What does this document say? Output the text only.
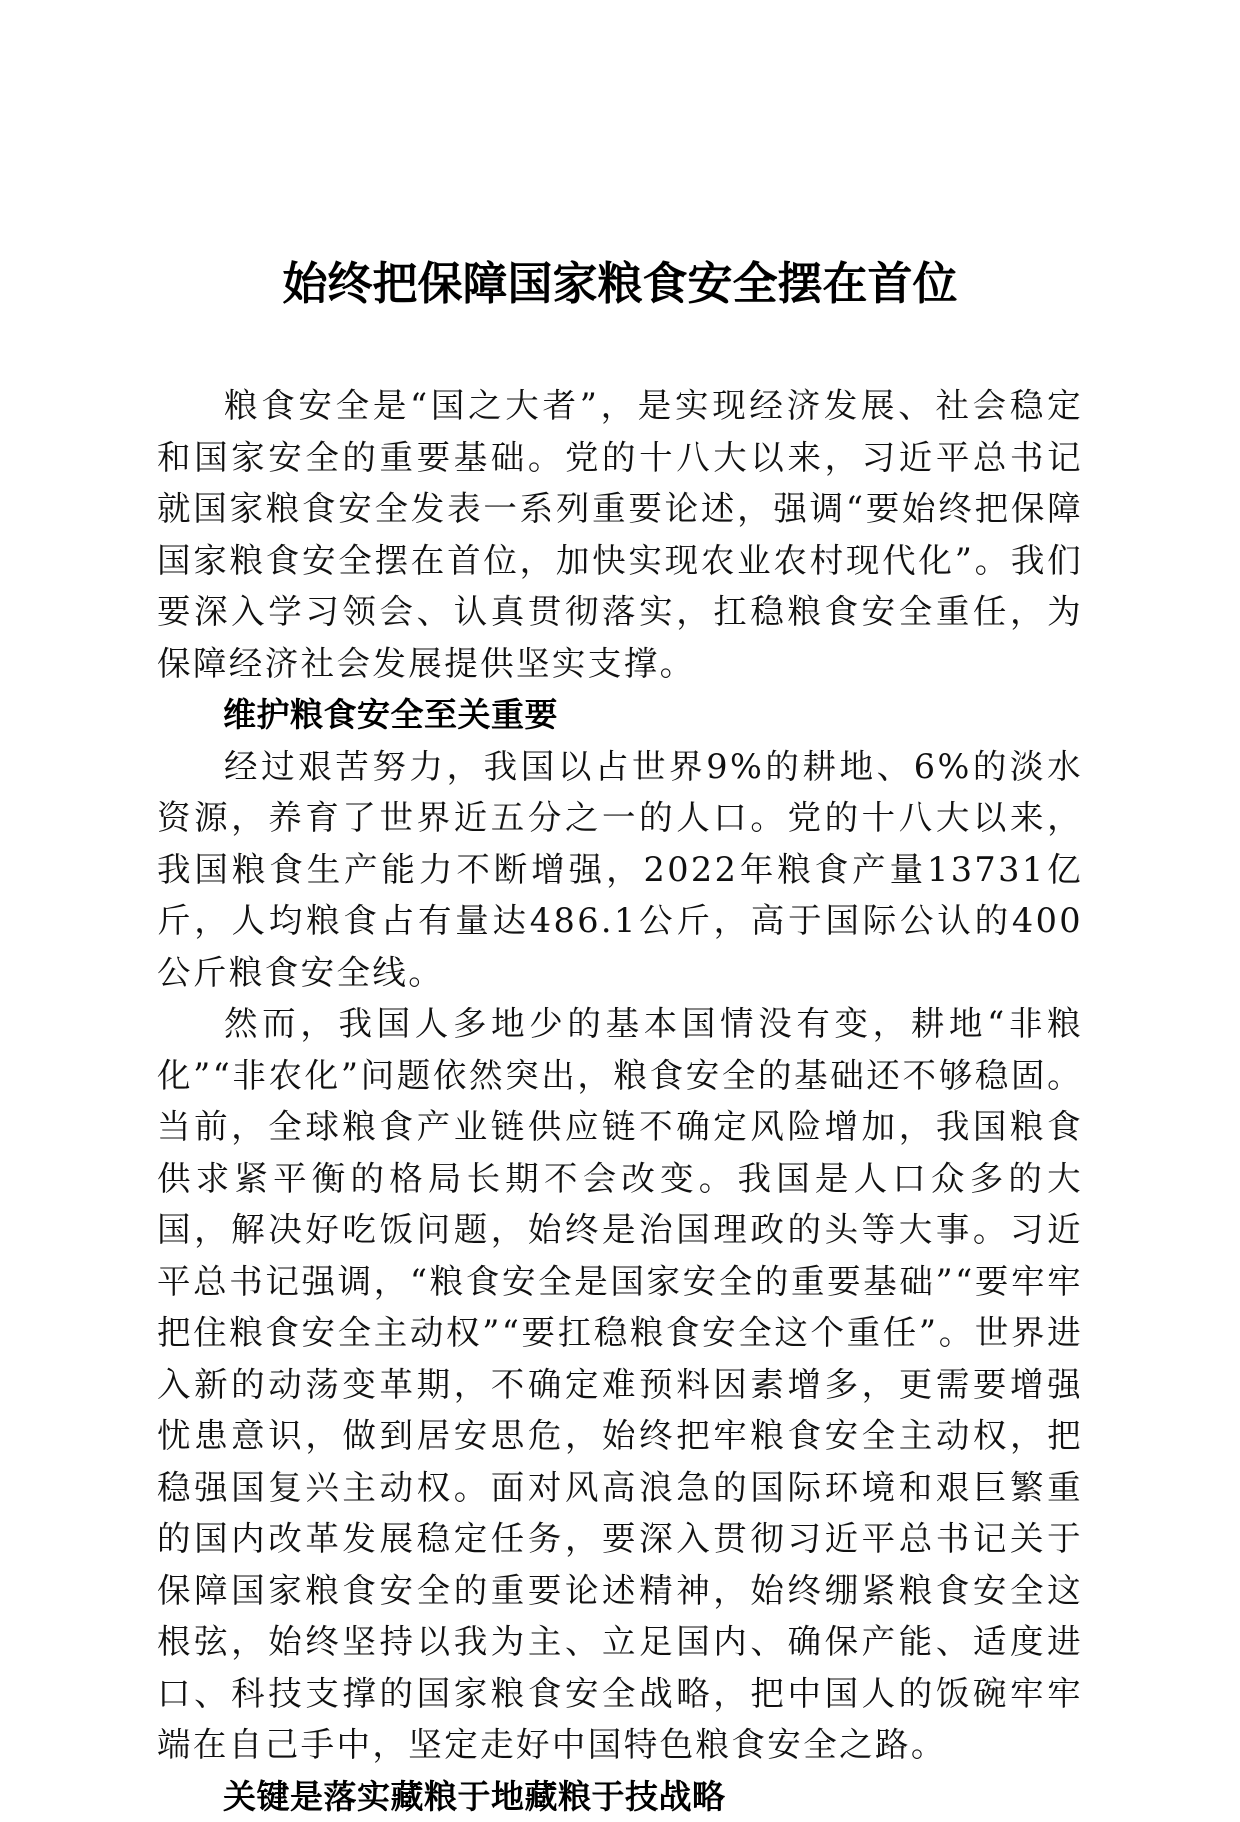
始终把保障国家粮食安全摆在首位

粮食安全是“国之大者”，是实现经济发展、社会稳定和国家安全的重要基础。党的十八大以来，习近平总书记就国家粮食安全发表一系列重要论述，强调“要始终把保障国家粮食安全摆在首位，加快实现农业农村现代化”。我们要深入学习领会、认真贯彻落实，扛稳粮食安全重任，为保障经济社会发展提供坚实支撑。

维护粮食安全至关重要

经过艰苦努力，我国以占世界9%的耕地、6%的淡水资源，养育了世界近五分之一的人口。党的十八大以来，我国粮食生产能力不断增强，2022年粮食产量13731亿斤，人均粮食占有量达486.1公斤，高于国际公认的400公斤粮食安全线。

然而，我国人多地少的基本国情没有变，耕地“非粮化”“非农化”问题依然突出，粮食安全的基础还不够稳固。当前，全球粮食产业链供应链不确定风险增加，我国粮食供求紧平衡的格局长期不会改变。我国是人口众多的大国，解决好吃饭问题，始终是治国理政的头等大事。习近平总书记强调，“粮食安全是国家安全的重要基础”“要牢牢把住粮食安全主动权”“要扛稳粮食安全这个重任”。世界进入新的动荡变革期，不确定难预料因素增多，更需要增强忧患意识，做到居安思危，始终把牢粮食安全主动权，把稳强国复兴主动权。面对风高浪急的国际环境和艰巨繁重的国内改革发展稳定任务，要深入贯彻习近平总书记关于保障国家粮食安全的重要论述精神，始终绷紧粮食安全这根弦，始终坚持以我为主、立足国内、确保产能、适度进口、科技支撑的国家粮食安全战略，把中国人的饭碗牢牢端在自己手中，坚定走好中国特色粮食安全之路。

关键是落实藏粮于地藏粮于技战略
